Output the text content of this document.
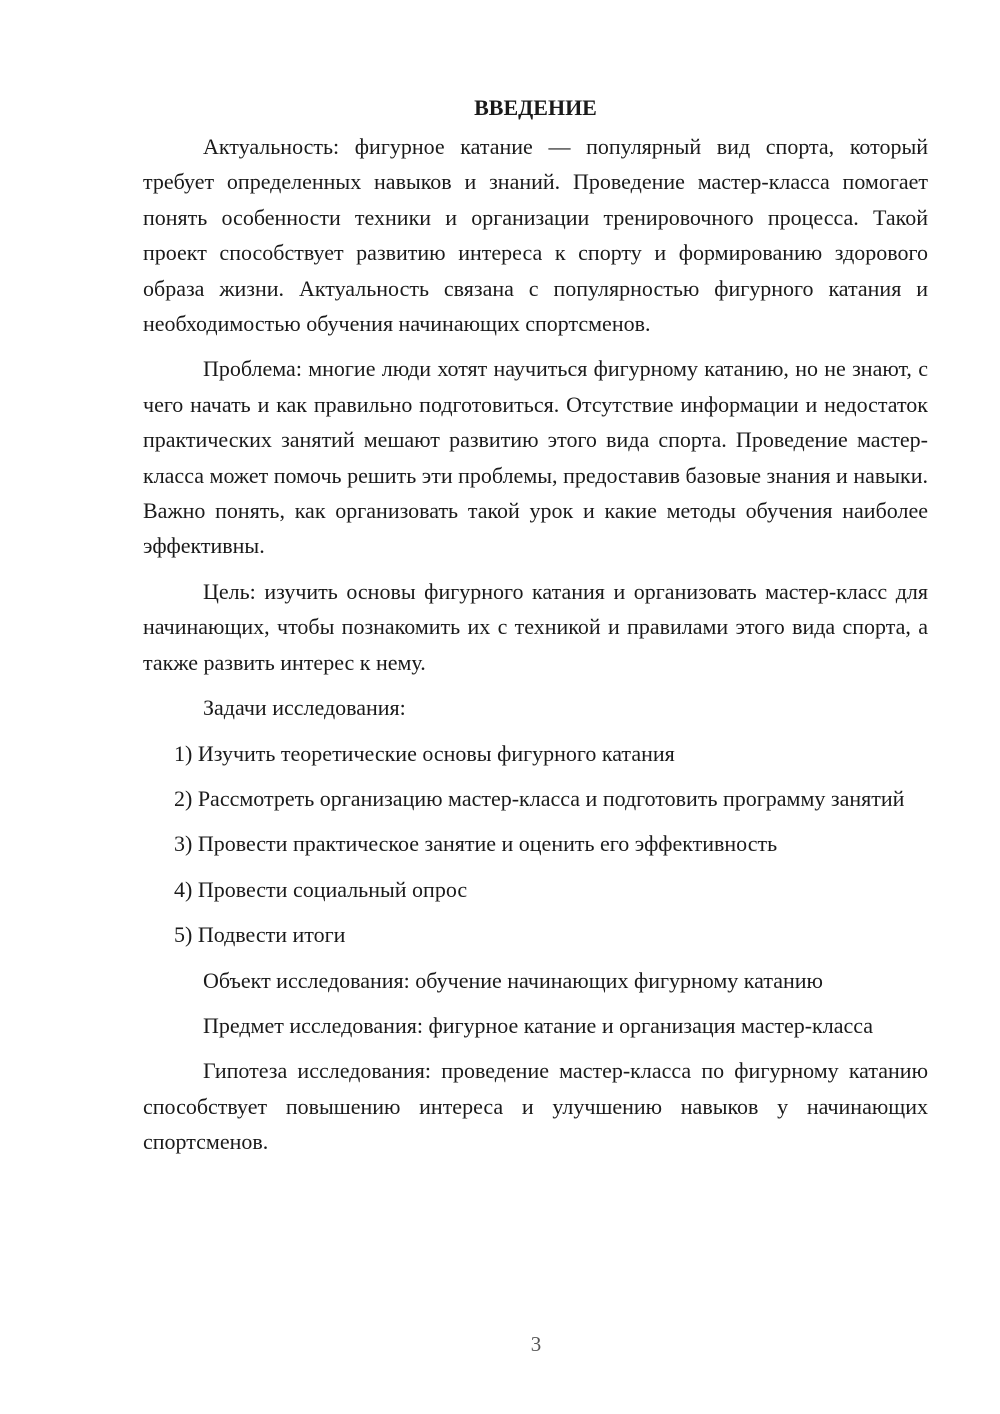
ВВЕДЕНИЕ

Актуальность: фигурное катание — популярный вид спорта, который требует определенных навыков и знаний. Проведение мастер-класса помогает понять особенности техники и организации тренировочного процесса. Такой проект способствует развитию интереса к спорту и формированию здорового образа жизни. Актуальность связана с популярностью фигурного катания и необходимостью обучения начинающих спортсменов.

Проблема: многие люди хотят научиться фигурному катанию, но не знают, с чего начать и как правильно подготовиться. Отсутствие информации и недостаток практических занятий мешают развитию этого вида спорта. Проведение мастер-класса может помочь решить эти проблемы, предоставив базовые знания и навыки. Важно понять, как организовать такой урок и какие методы обучения наиболее эффективны.

Цель: изучить основы фигурного катания и организовать мастер-класс для начинающих, чтобы познакомить их с техникой и правилами этого вида спорта, а также развить интерес к нему.

Задачи исследования:

1) Изучить теоретические основы фигурного катания

2) Рассмотреть организацию мастер-класса и подготовить программу занятий

3) Провести практическое занятие и оценить его эффективность

4) Провести социальный опрос

5) Подвести итоги

Объект исследования: обучение начинающих фигурному катанию

Предмет исследования: фигурное катание и организация мастер-класса

Гипотеза исследования: проведение мастер-класса по фигурному катанию способствует повышению интереса и улучшению навыков у начинающих спортсменов.

3
